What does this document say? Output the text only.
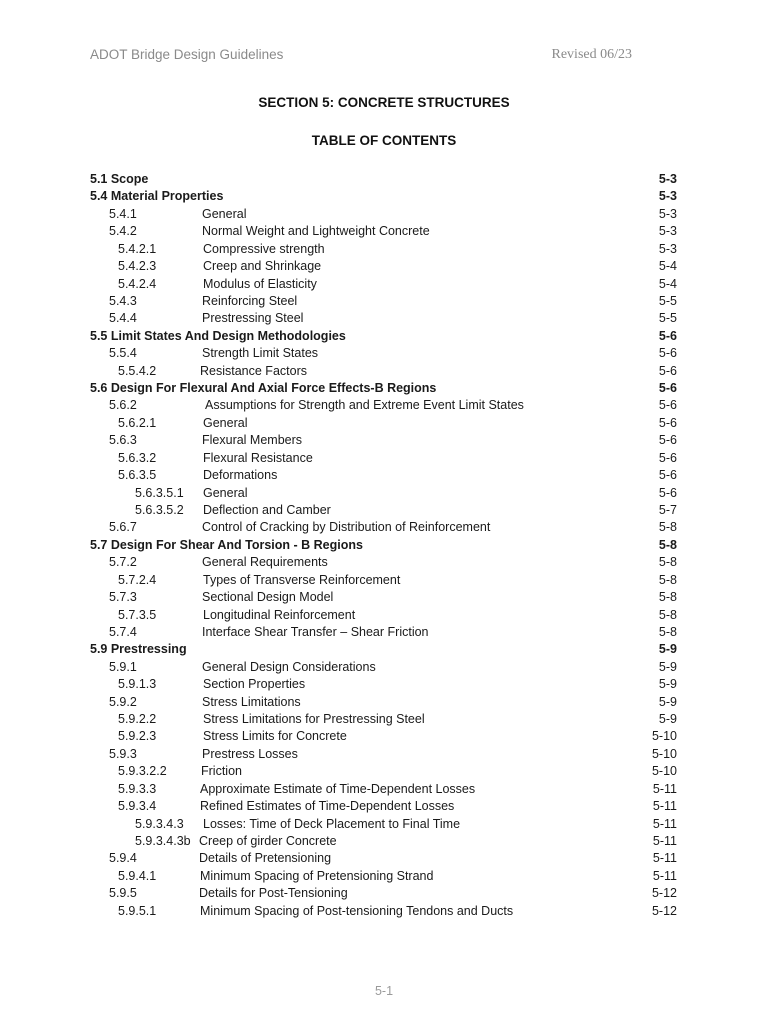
ADOT Bridge Design Guidelines	Revised 06/23
SECTION 5: CONCRETE STRUCTURES
TABLE OF CONTENTS
5.1 Scope	5-3
5.4 Material Properties	5-3
5.4.1	General	5-3
5.4.2	Normal Weight and Lightweight Concrete	5-3
5.4.2.1	Compressive strength	5-3
5.4.2.3	Creep and Shrinkage	5-4
5.4.2.4	Modulus of Elasticity	5-4
5.4.3	Reinforcing Steel	5-5
5.4.4	Prestressing Steel	5-5
5.5 Limit States And Design Methodologies	5-6
5.5.4	Strength Limit States	5-6
5.5.4.2	Resistance Factors	5-6
5.6 Design For Flexural And Axial Force Effects-B Regions	5-6
5.6.2	Assumptions for Strength and Extreme Event Limit States	5-6
5.6.2.1	General	5-6
5.6.3	Flexural Members	5-6
5.6.3.2	Flexural Resistance	5-6
5.6.3.5	Deformations	5-6
5.6.3.5.1 General	5-6
5.6.3.5.2 Deflection and Camber	5-7
5.6.7	Control of Cracking by Distribution of Reinforcement	5-8
5.7 Design For Shear And Torsion - B Regions	5-8
5.7.2	General Requirements	5-8
5.7.2.4	Types of Transverse Reinforcement	5-8
5.7.3	Sectional Design Model	5-8
5.7.3.5	Longitudinal Reinforcement	5-8
5.7.4	Interface Shear Transfer – Shear Friction	5-8
5.9 Prestressing	5-9
5.9.1	General Design Considerations	5-9
5.9.1.3	Section Properties	5-9
5.9.2	Stress Limitations	5-9
5.9.2.2	Stress Limitations for Prestressing Steel	5-9
5.9.2.3	Stress Limits for Concrete	5-10
5.9.3	Prestress Losses	5-10
5.9.3.2.2	Friction	5-10
5.9.3.3	Approximate Estimate of Time-Dependent Losses	5-11
5.9.3.4	Refined Estimates of Time-Dependent Losses	5-11
5.9.3.4.3 Losses: Time of Deck Placement to Final Time	5-11
5.9.3.4.3b Creep of girder Concrete	5-11
5.9.4	Details of Pretensioning	5-11
5.9.4.1	Minimum Spacing of Pretensioning Strand	5-11
5.9.5	Details for Post-Tensioning	5-12
5.9.5.1	Minimum Spacing of Post-tensioning Tendons and Ducts	5-12
5-1
